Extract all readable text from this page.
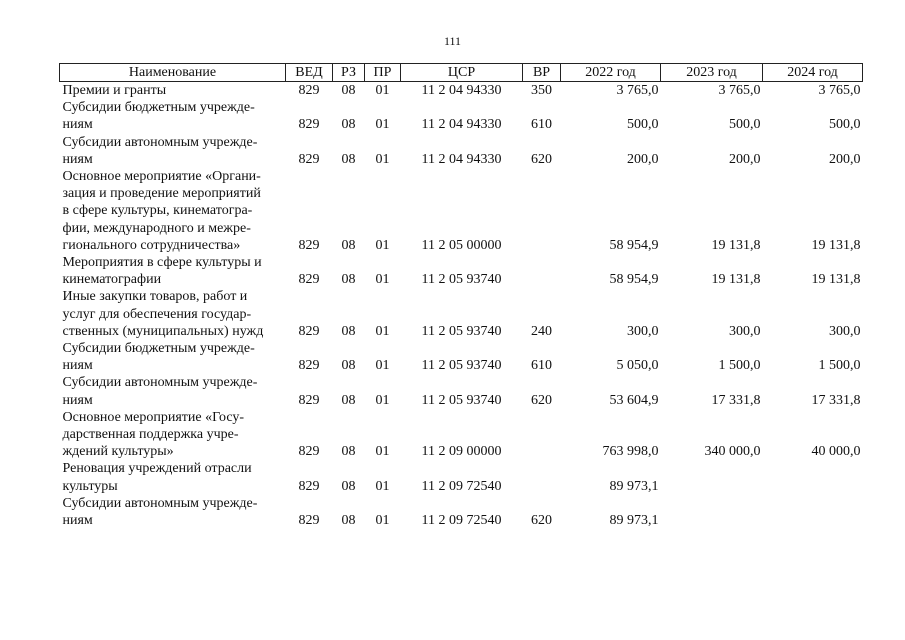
111
Наименование	ВЕД	РЗ	ПР	ЦСР	ВР	2022 год	2023 год	2024 год

Премии и гранты	829	08	01	11 2 04 94330	350	3 765,0	3 765,0	3 765,0

Субсидии бюджетным учрежде-
ниям	829	08	01	11 2 04 94330	610	500,0	500,0	500,0

Субсидии автономным учрежде-
ниям	829	08	01	11 2 04 94330	620	200,0	200,0	200,0

Основное мероприятие «Органи-
зация и проведение мероприятий
в сфере культуры, кинематогра-
фии, международного и межре-
гионального сотрудничества»	829	08	01	11 2 05 00000		58 954,9	19 131,8	19 131,8

Мероприятия в сфере культуры и
кинематографии	829	08	01	11 2 05 93740		58 954,9	19 131,8	19 131,8

Иные закупки товаров, работ и
услуг для обеспечения государ-
ственных (муниципальных) нужд	829	08	01	11 2 05 93740	240	300,0	300,0	300,0

Субсидии бюджетным учрежде-
ниям	829	08	01	11 2 05 93740	610	5 050,0	1 500,0	1 500,0

Субсидии автономным учрежде-
ниям	829	08	01	11 2 05 93740	620	53 604,9	17 331,8	17 331,8

Основное мероприятие «Госу-
дарственная поддержка учре-
ждений культуры»	829	08	01	11 2 09 00000		763 998,0	340 000,0	40 000,0

Реновация учреждений отрасли
культуры	829	08	01	11 2 09 72540		89 973,1		

Субсидии автономным учрежде-
ниям	829	08	01	11 2 09 72540	620	89 973,1		
